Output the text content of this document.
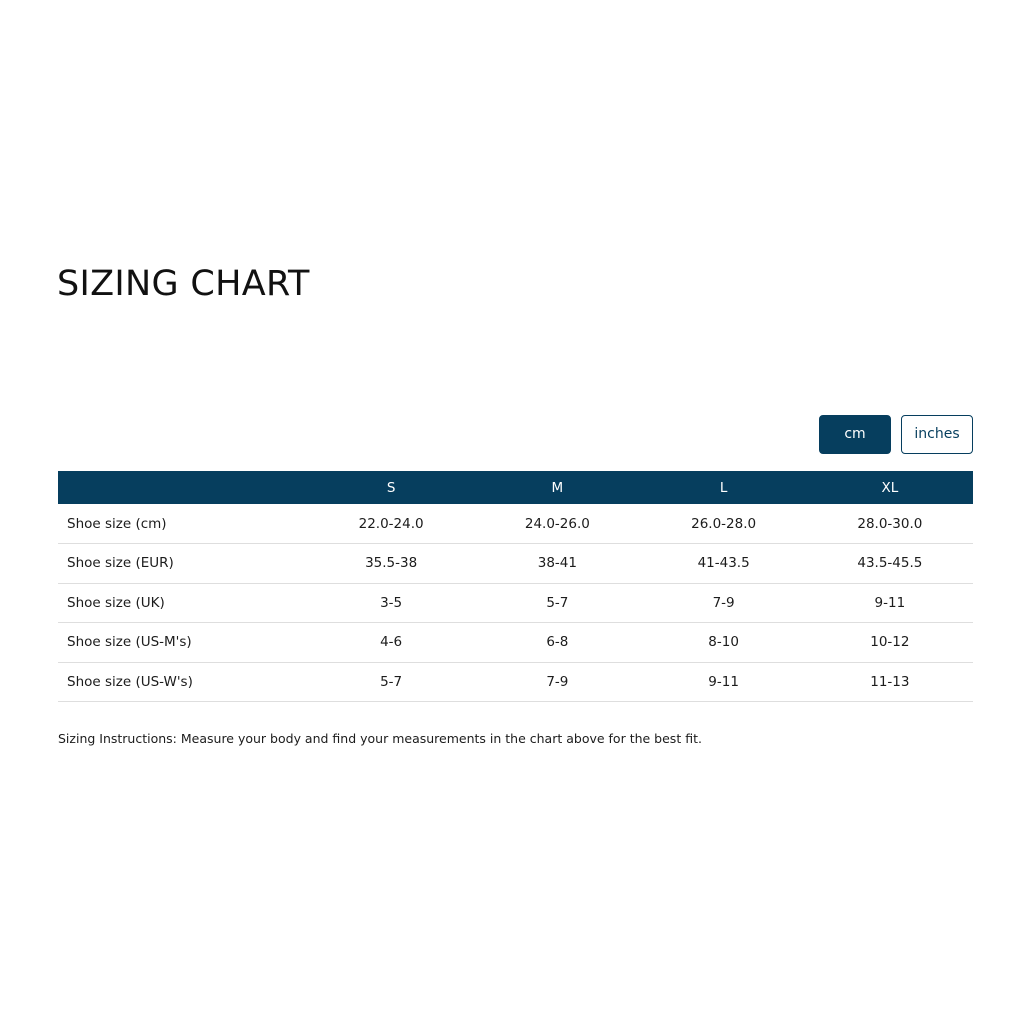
SIZING CHART
cm	inches
	S	M	L	XL
Shoe size (cm)	22.0-24.0	24.0-26.0	26.0-28.0	28.0-30.0
Shoe size (EUR)	35.5-38	38-41	41-43.5	43.5-45.5
Shoe size (UK)	3-5	5-7	7-9	9-11
Shoe size (US-M's)	4-6	6-8	8-10	10-12
Shoe size (US-W's)	5-7	7-9	9-11	11-13

Sizing Instructions: Measure your body and find your measurements in the chart above for the best fit.
